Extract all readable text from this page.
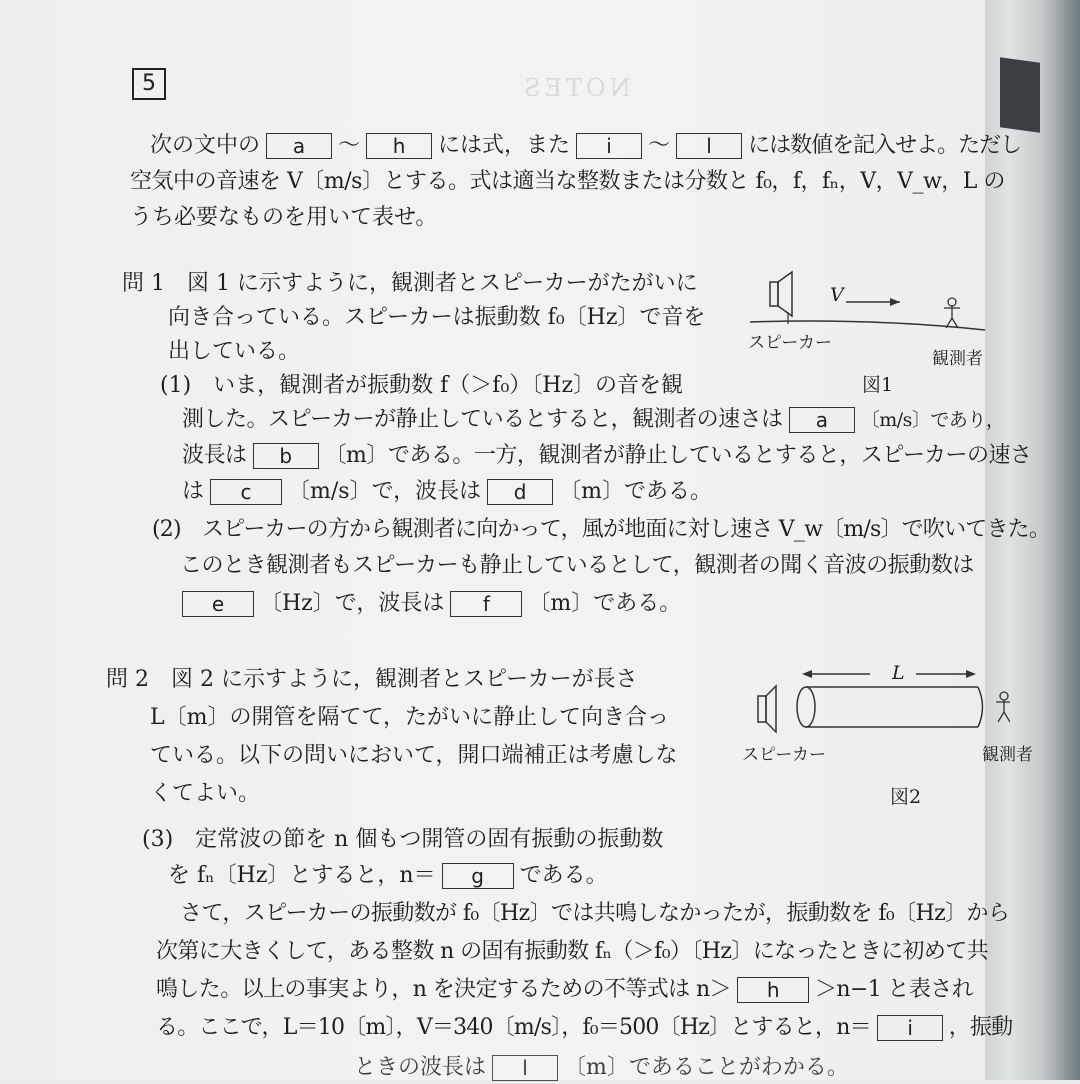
5	NOTES
次の文中の a 〜 h には式，また i 〜 l には数値を記入せよ。ただし
空気中の音速を V〔m/s〕とする。式は適当な整数または分数と f₀，f，fₙ，V，V_w，L の
うち必要なものを用いて表せ。
問 1　図 1 に示すように，観測者とスピーカーがたがいに
向き合っている。スピーカーは振動数 f₀〔Hz〕で音を
出している。
(1)　いま，観測者が振動数 f（＞f₀）〔Hz〕の音を観
測した。スピーカーが静止しているとすると，観測者の速さは a 〔m/s〕であり，
波長は b 〔m〕である。一方，観測者が静止しているとすると，スピーカーの速さ
は c 〔m/s〕で，波長は d 〔m〕である。
(2)　スピーカーの方から観測者に向かって，風が地面に対し速さ V_w〔m/s〕で吹いてきた。
このとき観測者もスピーカーも静止しているとして，観測者の聞く音波の振動数は
e 〔Hz〕で，波長は f 〔m〕である。
V
スピーカー
観測者
図1
問 2　図 2 に示すように，観測者とスピーカーが長さ
L〔m〕の開管を隔てて，たがいに静止して向き合っ
ている。以下の問いにおいて，開口端補正は考慮しな
くてよい。
(3)　定常波の節を n 個もつ開管の固有振動の振動数
を fₙ〔Hz〕とすると，n＝ g である。
さて，スピーカーの振動数が f₀〔Hz〕では共鳴しなかったが，振動数を f₀〔Hz〕から
次第に大きくして，ある整数 n の固有振動数 fₙ（＞f₀）〔Hz〕になったときに初めて共
鳴した。以上の事実より，n を決定するための不等式は n＞ h ＞n−1 と表され
る。ここで，L＝10〔m〕，V＝340〔m/s〕，f₀＝500〔Hz〕とすると，n＝ i ，振動
　　　　　　　　　ときの波長は l 〔m〕であることがわかる。
L
スピーカー	観測者
図2
